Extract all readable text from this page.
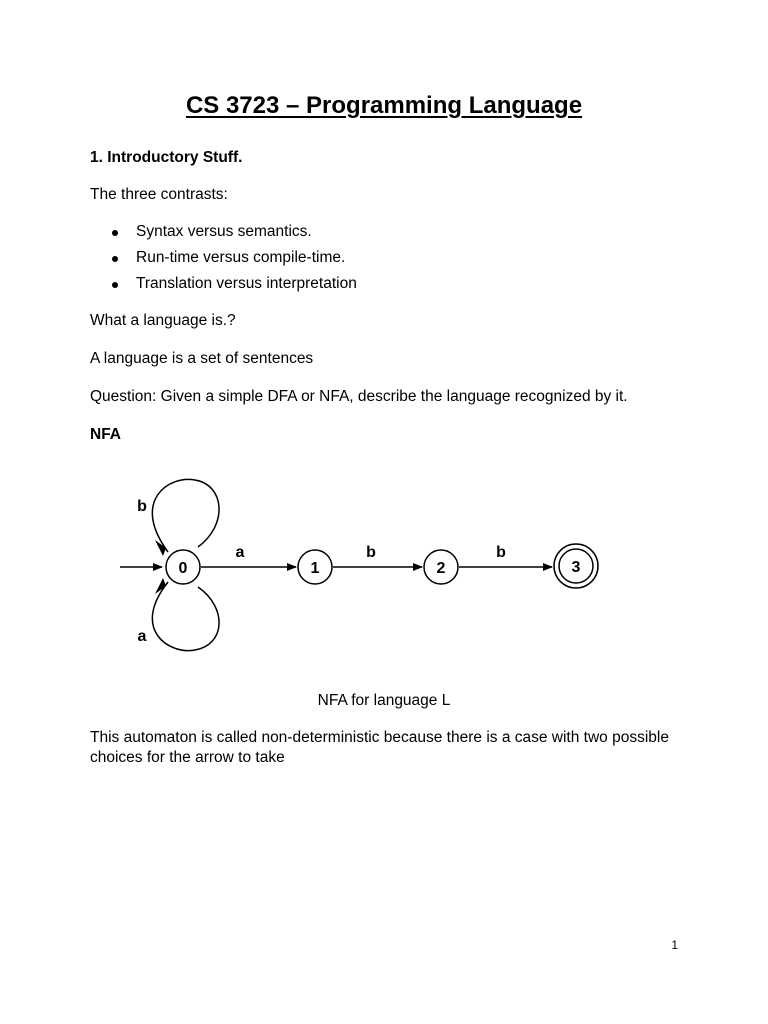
CS 3723 – Programming Language
1. Introductory Stuff.
The three contrasts:
Syntax versus semantics.
Run-time versus compile-time.
Translation versus interpretation
What a language is.?
A language is a set of sentences
Question: Given a simple DFA or NFA, describe the language recognized by it.
NFA
0	1	2	3
b
a
a	b	b
NFA for language L
This automaton is called non-deterministic because there is a case with two possible choices for the arrow to take
1
